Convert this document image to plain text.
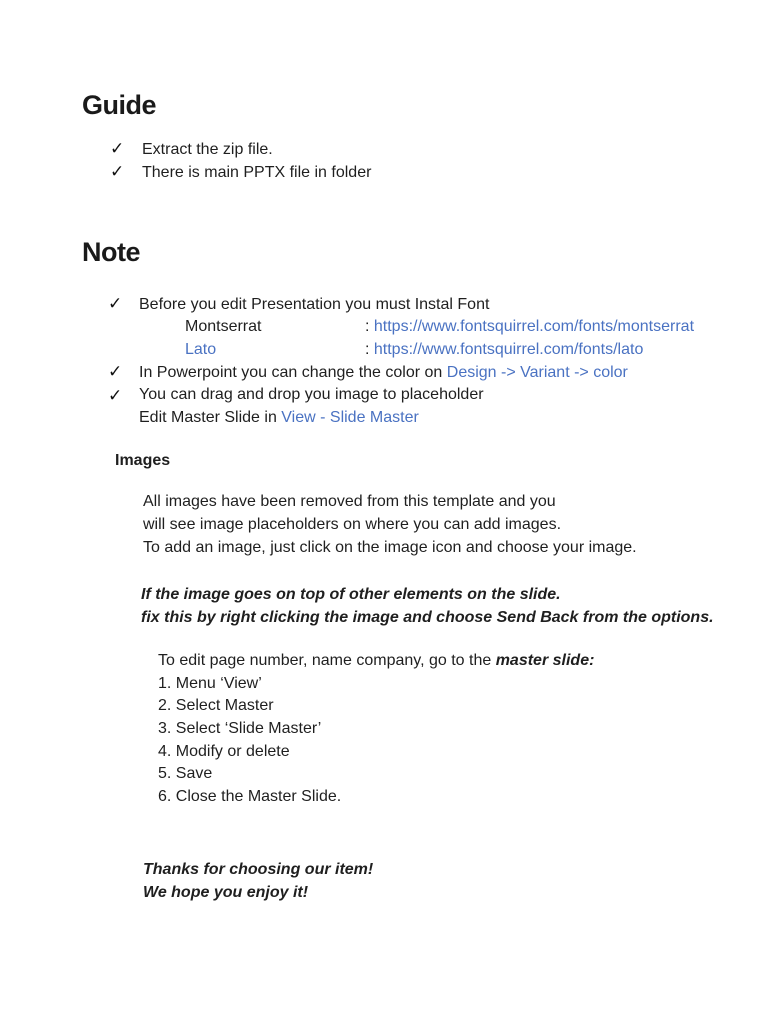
Guide
✓ Extract the zip file.
✓ There is main PPTX file in folder
Note
✓ Before you edit Presentation you must Instal Font
Montserrat	: https://www.fontsquirrel.com/fonts/montserrat
Lato	: https://www.fontsquirrel.com/fonts/lato
✓ In Powerpoint you can change the color on Design -> Variant -> color
✓ You can drag and drop you image to placeholder
Edit Master Slide in View - Slide Master
Images
All images have been removed from this template and you
will see image placeholders on where you can add images.
To add an image, just click on the image icon and choose your image.
If the image goes on top of other elements on the slide.
fix this by right clicking the image and choose Send Back from the options.
To edit page number, name company, go to the master slide:
1. Menu ‘View’
2. Select Master
3. Select ‘Slide Master’
4. Modify or delete
5. Save
6. Close the Master Slide.
Thanks for choosing our item!
We hope you enjoy it!
